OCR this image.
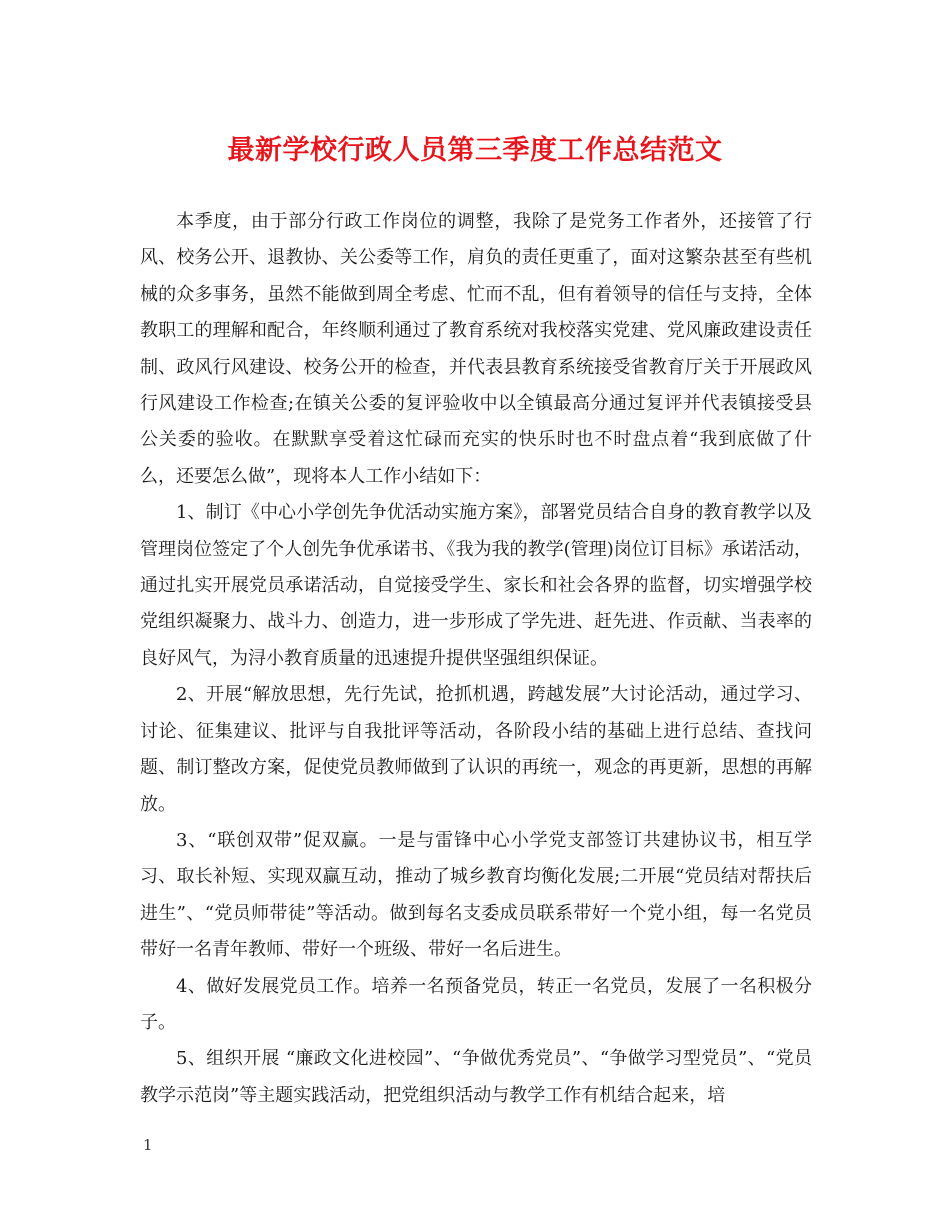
最新学校行政人员第三季度工作总结范文

本季度，由于部分行政工作岗位的调整，我除了是党务工作者外，还接管了行风、校务公开、退教协、关公委等工作，肩负的责任更重了，面对这繁杂甚至有些机械的众多事务，虽然不能做到周全考虑、忙而不乱，但有着领导的信任与支持，全体教职工的理解和配合，年终顺利通过了教育系统对我校落实党建、党风廉政建设责任制、政风行风建设、校务公开的检查，并代表县教育系统接受省教育厅关于开展政风行风建设工作检查;在镇关公委的复评验收中以全镇最高分通过复评并代表镇接受县公关委的验收。在默默享受着这忙碌而充实的快乐时也不时盘点着“我到底做了什么，还要怎么做”，现将本人工作小结如下：

1、制订《中心小学创先争优活动实施方案》，部署党员结合自身的教育教学以及管理岗位签定了个人创先争优承诺书、《我为我的教学(管理)岗位订目标》承诺活动，通过扎实开展党员承诺活动，自觉接受学生、家长和社会各界的监督，切实增强学校党组织凝聚力、战斗力、创造力，进一步形成了学先进、赶先进、作贡献、当表率的良好风气，为浔小教育质量的迅速提升提供坚强组织保证。

2、开展“解放思想，先行先试，抢抓机遇，跨越发展”大讨论活动，通过学习、讨论、征集建议、批评与自我批评等活动，各阶段小结的基础上进行总结、查找问题、制订整改方案，促使党员教师做到了认识的再统一，观念的再更新，思想的再解放。

3、“联创双带”促双赢。一是与雷锋中心小学党支部签订共建协议书，相互学习、取长补短、实现双赢互动，推动了城乡教育均衡化发展;二开展“党员结对帮扶后进生”、“党员师带徒”等活动。做到每名支委成员联系带好一个党小组，每一名党员带好一名青年教师、带好一个班级、带好一名后进生。

4、做好发展党员工作。培养一名预备党员，转正一名党员，发展了一名积极分子。

5、组织开展 “廉政文化进校园”、“争做优秀党员”、“争做学习型党员”、“党员教学示范岗”等主题实践活动，把党组织活动与教学工作有机结合起来，培

1
